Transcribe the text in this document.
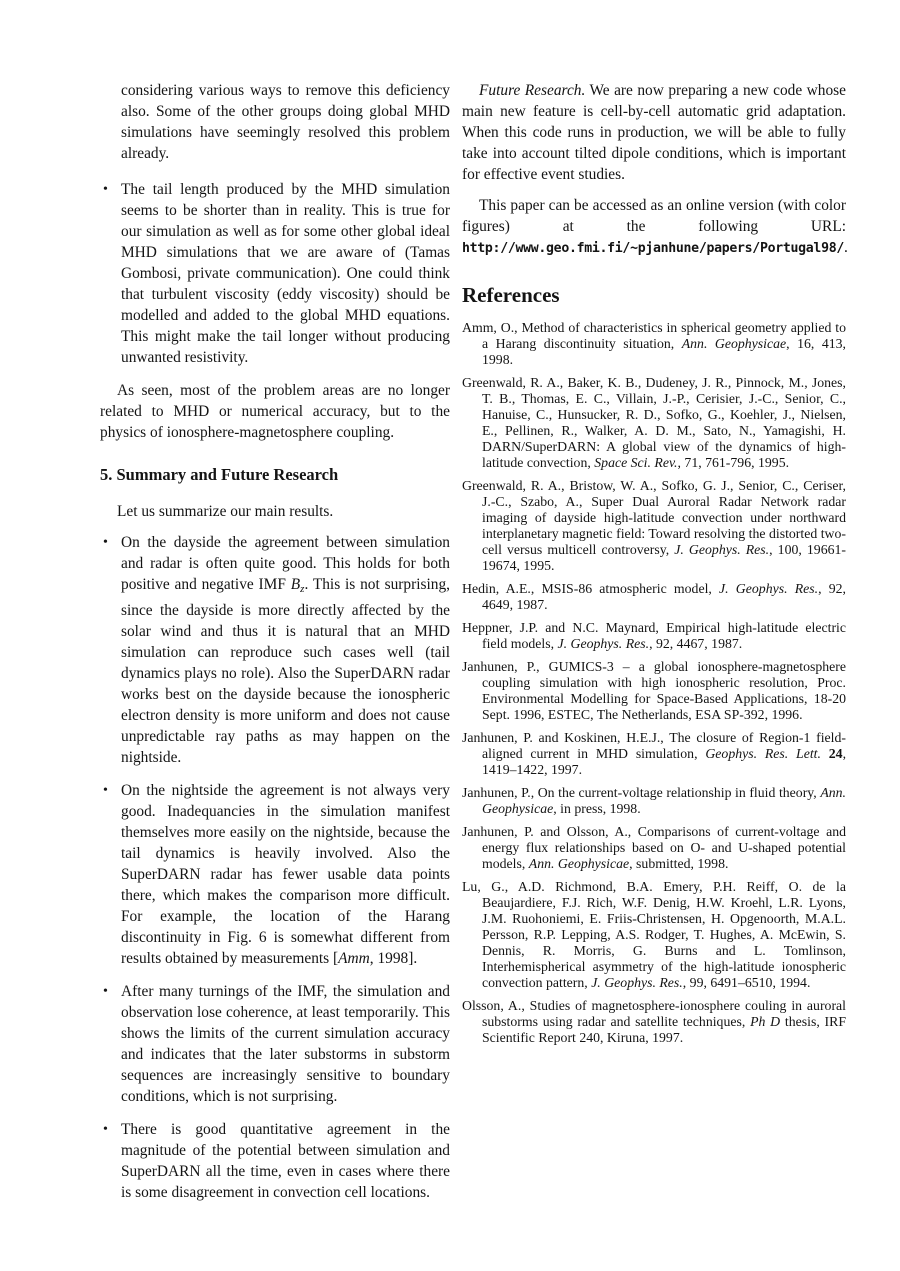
considering various ways to remove this deficiency also. Some of the other groups doing global MHD simulations have seemingly resolved this problem already.
• The tail length produced by the MHD simulation seems to be shorter than in reality. This is true for our simulation as well as for some other global ideal MHD simulations that we are aware of (Tamas Gombosi, private communication). One could think that turbulent viscosity (eddy viscosity) should be modelled and added to the global MHD equations. This might make the tail longer without producing unwanted resistivity.
As seen, most of the problem areas are no longer related to MHD or numerical accuracy, but to the physics of ionosphere-magnetosphere coupling.
5. Summary and Future Research
Let us summarize our main results.
• On the dayside the agreement between simulation and radar is often quite good. This holds for both positive and negative IMF $B_z$. This is not surprising, since the dayside is more directly affected by the solar wind and thus it is natural that an MHD simulation can reproduce such cases well (tail dynamics plays no role). Also the SuperDARN radar works best on the dayside because the ionospheric electron density is more uniform and does not cause unpredictable ray paths as may happen on the nightside.
• On the nightside the agreement is not always very good. Inadequancies in the simulation manifest themselves more easily on the nightside, because the tail dynamics is heavily involved. Also the SuperDARN radar has fewer usable data points there, which makes the comparison more difficult. For example, the location of the Harang discontinuity in Fig. 6 is somewhat different from results obtained by measurements [Amm, 1998].
• After many turnings of the IMF, the simulation and observation lose coherence, at least temporarily. This shows the limits of the current simulation accuracy and indicates that the later substorms in substorm sequences are increasingly sensitive to boundary conditions, which is not surprising.
• There is good quantitative agreement in the magnitude of the potential between simulation and SuperDARN all the time, even in cases where there is some disagreement in convection cell locations.
Future Research. We are now preparing a new code whose main new feature is cell-by-cell automatic grid adaptation. When this code runs in production, we will be able to fully take into account tilted dipole conditions, which is important for effective event studies.
This paper can be accessed as an online version (with color figures) at the following URL: http://www.geo.fmi.fi/~pjanhune/papers/Portugal98/.
References
Amm, O., Method of characteristics in spherical geometry applied to a Harang discontinuity situation, Ann. Geophysicae, 16, 413, 1998.
Greenwald, R. A., Baker, K. B., Dudeney, J. R., Pinnock, M., Jones, T. B., Thomas, E. C., Villain, J.-P., Cerisier, J.-C., Senior, C., Hanuise, C., Hunsucker, R. D., Sofko, G., Koehler, J., Nielsen, E., Pellinen, R., Walker, A. D. M., Sato, N., Yamagishi, H. DARN/SuperDARN: A global view of the dynamics of high-latitude convection, Space Sci. Rev., 71, 761-796, 1995.
Greenwald, R. A., Bristow, W. A., Sofko, G. J., Senior, C., Ceriser, J.-C., Szabo, A., Super Dual Auroral Radar Network radar imaging of dayside high-latitude convection under northward interplanetary magnetic field: Toward resolving the distorted two-cell versus multicell controversy, J. Geophys. Res., 100, 19661-19674, 1995.
Hedin, A.E., MSIS-86 atmospheric model, J. Geophys. Res., 92, 4649, 1987.
Heppner, J.P. and N.C. Maynard, Empirical high-latitude electric field models, J. Geophys. Res., 92, 4467, 1987.
Janhunen, P., GUMICS-3 – a global ionosphere-magnetosphere coupling simulation with high ionospheric resolution, Proc. Environmental Modelling for Space-Based Applications, 18-20 Sept. 1996, ESTEC, The Netherlands, ESA SP-392, 1996.
Janhunen, P. and Koskinen, H.E.J., The closure of Region-1 field-aligned current in MHD simulation, Geophys. Res. Lett. 24, 1419–1422, 1997.
Janhunen, P., On the current-voltage relationship in fluid theory, Ann. Geophysicae, in press, 1998.
Janhunen, P. and Olsson, A., Comparisons of current-voltage and energy flux relationships based on O- and U-shaped potential models, Ann. Geophysicae, submitted, 1998.
Lu, G., A.D. Richmond, B.A. Emery, P.H. Reiff, O. de la Beaujardiere, F.J. Rich, W.F. Denig, H.W. Kroehl, L.R. Lyons, J.M. Ruohoniemi, E. Friis-Christensen, H. Opgenoorth, M.A.L. Persson, R.P. Lepping, A.S. Rodger, T. Hughes, A. McEwin, S. Dennis, R. Morris, G. Burns and L. Tomlinson, Interhemispherical asymmetry of the high-latitude ionospheric convection pattern, J. Geophys. Res., 99, 6491–6510, 1994.
Olsson, A., Studies of magnetosphere-ionosphere couling in auroral substorms using radar and satellite techniques, Ph D thesis, IRF Scientific Report 240, Kiruna, 1997.
